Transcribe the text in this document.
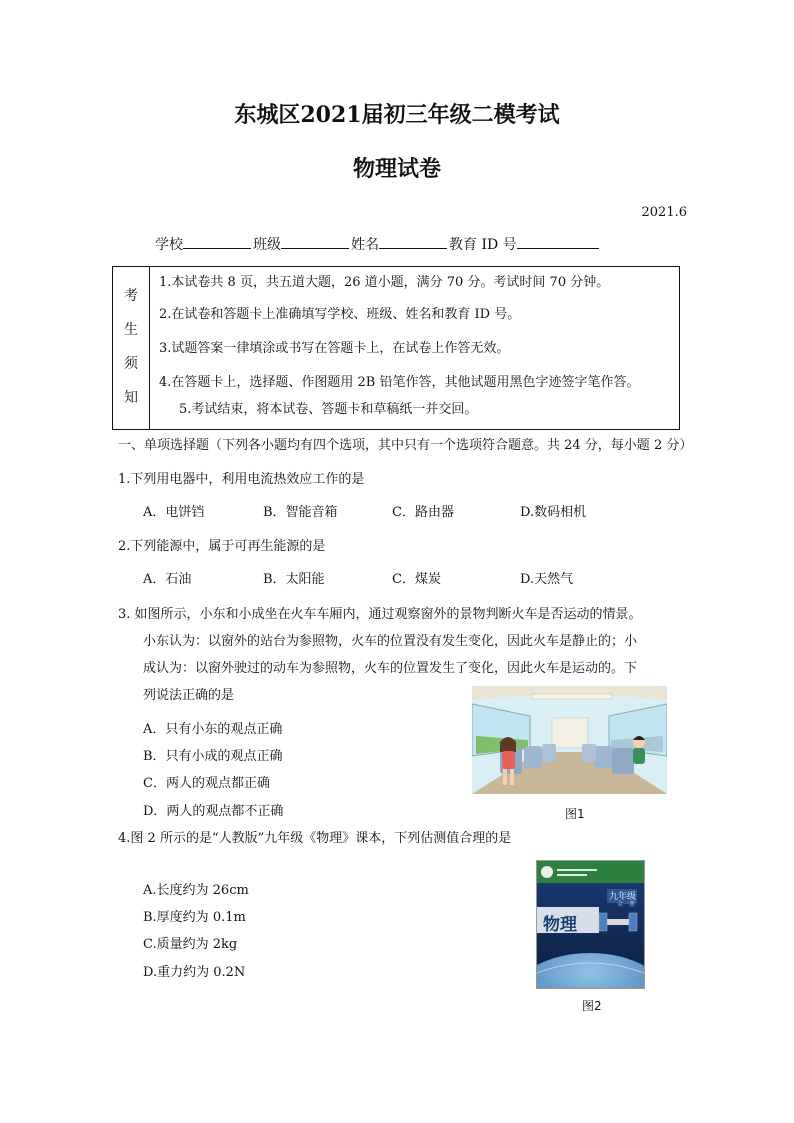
东城区2021届初三年级二模考试
物理试卷
2021.6
学校	班级	姓名	教育 ID 号
考
生
须
知
1.本试卷共 8 页，共五道大题，26 道小题，满分 70 分。考试时间 70 分钟。
2.在试卷和答题卡上准确填写学校、班级、姓名和教育 ID 号。
3.试题答案一律填涂或书写在答题卡上，在试卷上作答无效。
4.在答题卡上，选择题、作图题用 2B 铅笔作答，其他试题用黑色字迹签字笔作答。
5.考试结束，将本试卷、答题卡和草稿纸一并交回。
一、单项选择题（下列各小题均有四个选项，其中只有一个选项符合题意。共 24 分，每小题 2 分）
1.下列用电器中，利用电流热效应工作的是
A．电饼铛	B．智能音箱	C．路由器	D.数码相机
2.下列能源中，属于可再生能源的是
A．石油	B．太阳能	C．煤炭	D.天然气
3. 如图所示，小东和小成坐在火车车厢内，通过观察窗外的景物判断火车是否运动的情景。
小东认为：以窗外的站台为参照物，火车的位置没有发生变化，因此火车是静止的；小
成认为：以窗外驶过的动车为参照物，火车的位置发生了变化，因此火车是运动的。下
列说法正确的是
A．只有小东的观点正确
B．只有小成的观点正确
C．两人的观点都正确
D．两人的观点都不正确	图1
4.图 2 所示的是“人教版”九年级《物理》课本，下列估测值合理的是
A.长度约为 26cm
B.厚度约为 0.1m
C.质量约为 2kg
D.重力约为 0.2N
九年级
全一册
物理
图2
